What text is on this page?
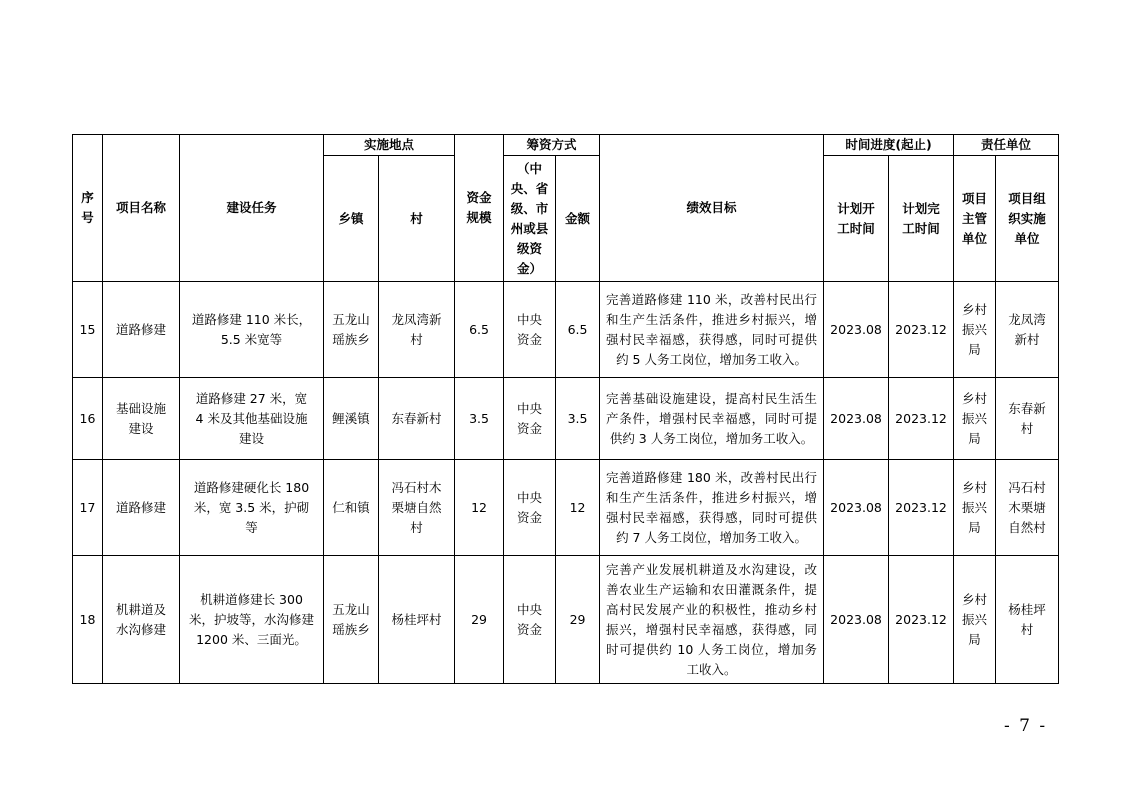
序号	项目名称	建设任务	实施地点		资金规模	筹资方式		绩效目标	时间进度(起止)		责任单位	
			乡镇	村		（中央、省级、市州或县级资金）	金额		计划开工时间	计划完工时间	项目主管单位	项目组织实施单位
15	道路修建	道路修建 110 米长，5.5 米宽等	五龙山瑶族乡	龙凤湾新村	6.5	中央资金	6.5	完善道路修建 110 米，改善村民出行和生产生活条件，推进乡村振兴，增强村民幸福感，获得感，同时可提供约 5 人务工岗位，增加务工收入。	2023.08	2023.12	乡村振兴局	龙凤湾新村
16	基础设施建设	道路修建 27 米，宽 4 米及其他基础设施建设	鲤溪镇	东春新村	3.5	中央资金	3.5	完善基础设施建设，提高村民生活生产条件，增强村民幸福感，同时可提供约 3 人务工岗位，增加务工收入。	2023.08	2023.12	乡村振兴局	东春新村
17	道路修建	道路修建硬化长 180 米，宽 3.5 米，护砌等	仁和镇	冯石村木栗塘自然村	12	中央资金	12	完善道路修建 180 米，改善村民出行和生产生活条件，推进乡村振兴，增强村民幸福感，获得感，同时可提供约 7 人务工岗位，增加务工收入。	2023.08	2023.12	乡村振兴局	冯石村木栗塘自然村
18	机耕道及水沟修建	机耕道修建长 300 米，护坡等，水沟修建 1200 米、三面光。	五龙山瑶族乡	杨桂坪村	29	中央资金	29	完善产业发展机耕道及水沟建设，改善农业生产运输和农田灌溉条件，提高村民发展产业的积极性，推动乡村振兴，增强村民幸福感，获得感，同时可提供约 10 人务工岗位，增加务工收入。	2023.08	2023.12	乡村振兴局	杨桂坪村
- 7 -
